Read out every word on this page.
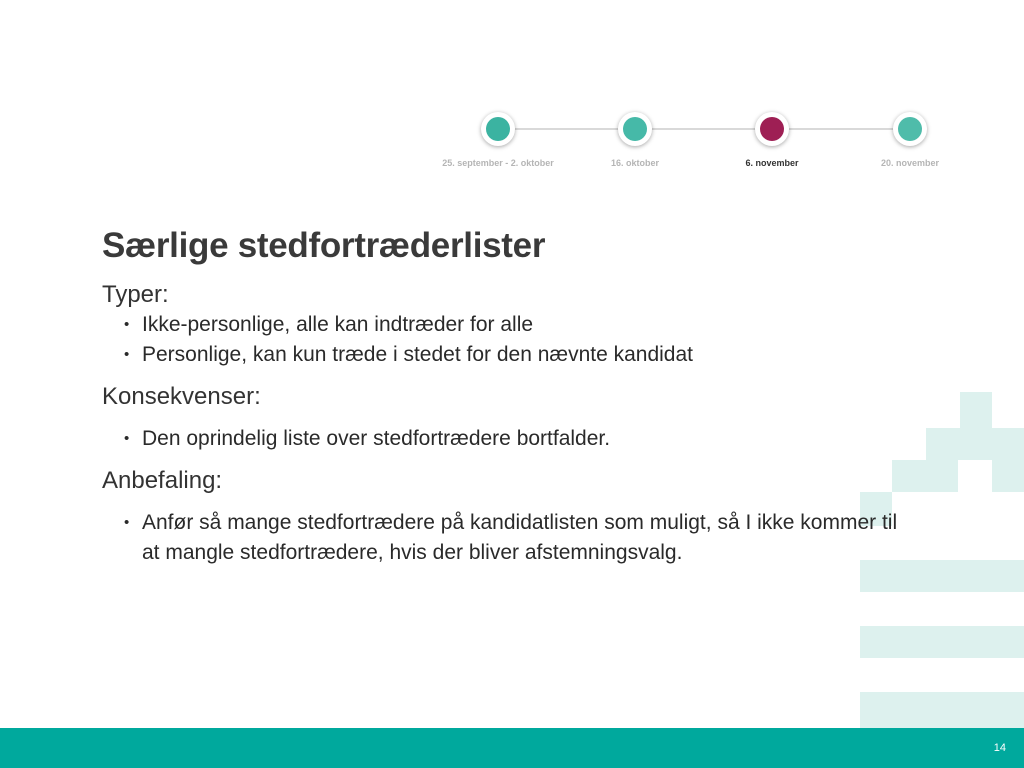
25. september - 2. oktober	16. oktober	6. november	20. november
Særlige stedfortræderlister
Typer:
• Ikke-personlige, alle kan indtræder for alle
• Personlige, kan kun træde i stedet for den nævnte kandidat
Konsekvenser:
• Den oprindelig liste over stedfortrædere bortfalder.
Anbefaling:
• Anfør så mange stedfortrædere på kandidatlisten som muligt, så I ikke kommer til at mangle stedfortrædere, hvis der bliver afstemningsvalg.
14
